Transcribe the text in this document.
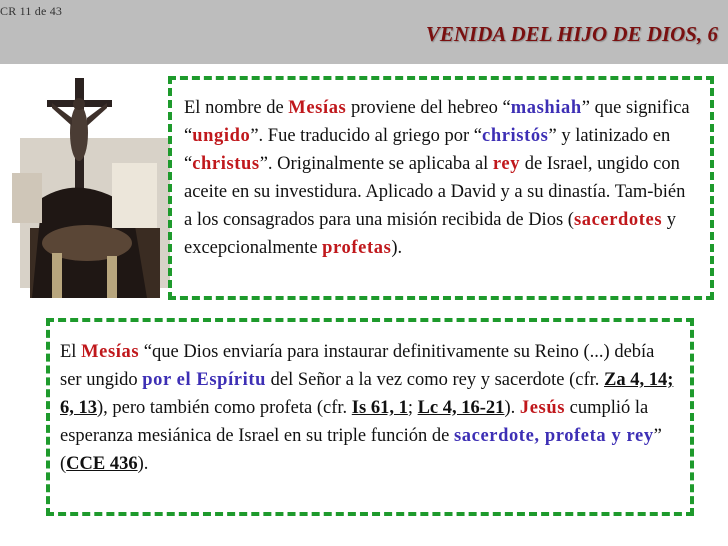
CR 11 de 43
VENIDA DEL HIJO DE DIOS, 6
El nombre de Mesías proviene del hebreo “mashiah” que significa “ungido”. Fue traducido al griego por “christós” y latinizado en “christus”. Originalmente se aplicaba al rey de Israel, ungido con aceite en su investidura. Aplicado a David y a su dinastía. Tam-bién a los consagrados para una misión recibida de Dios (sacerdotes y excepcionalmente profetas).
El Mesías “que Dios enviaría para instaurar definitivamente su Reino (...) debía ser ungido por el Espíritu del Señor a la vez como rey y sacerdote (cfr. Za 4, 14; 6, 13), pero también como profeta (cfr. Is 61, 1; Lc 4, 16-21). Jesús cumplió la esperanza mesiánica de Israel en su triple función de sacerdote, profeta y rey” (CCE 436).
